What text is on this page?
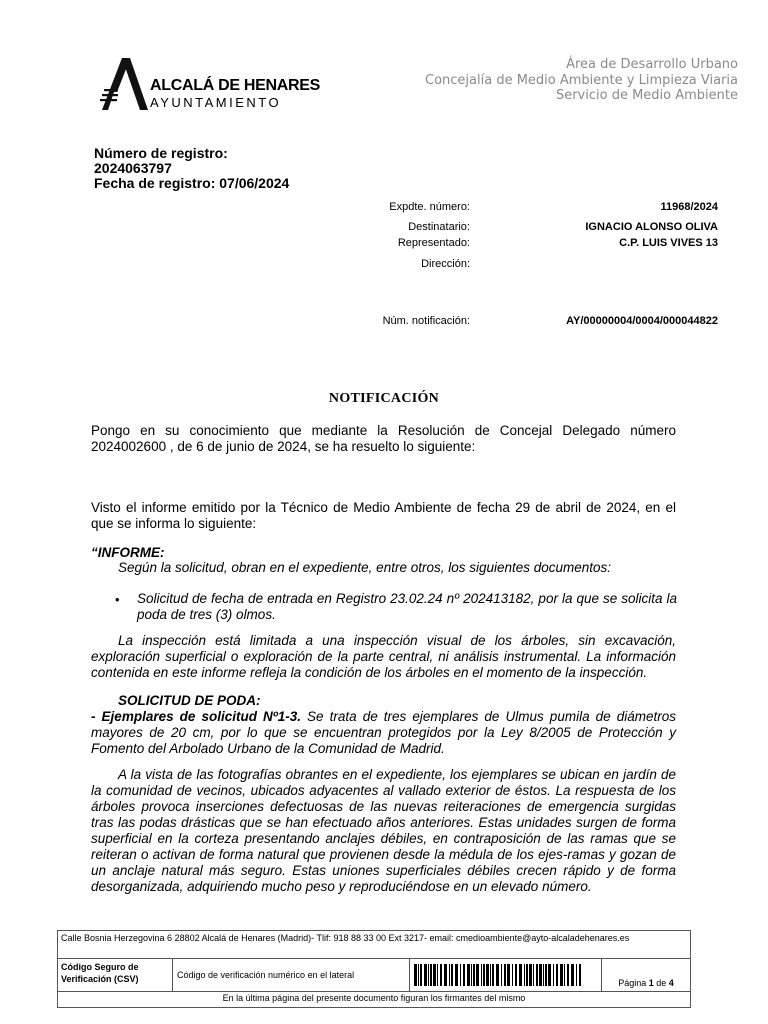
ALCALÁ DE HENARES
AYUNTAMIENTO
Área de Desarrollo Urbano
Concejalía de Medio Ambiente y Limpieza Viaria
Servicio de Medio Ambiente
Número de registro:
2024063797
Fecha de registro: 07/06/2024
Expdte. número:	11968/2024
Destinatario:	IGNACIO ALONSO OLIVA
Representado:	C.P. LUIS VIVES 13
Dirección:
Núm. notificación:	AY/00000004/0004/000044822
NOTIFICACIÓN
Pongo en su conocimiento que mediante la Resolución de Concejal Delegado número 2024002600 , de 6 de junio de 2024, se ha resuelto lo siguiente:
Visto el informe emitido por la Técnico de Medio Ambiente de fecha 29 de abril de 2024, en el que se informa lo siguiente:
“INFORME:
Según la solicitud, obran en el expediente, entre otros, los siguientes documentos:
• Solicitud de fecha de entrada en Registro 23.02.24 nº 202413182, por la que se solicita la poda de tres (3) olmos.
La inspección está limitada a una inspección visual de los árboles, sin excavación, exploración superficial o exploración de la parte central, ni análisis instrumental. La información contenida en este informe refleja la condición de los árboles en el momento de la inspección.
SOLICITUD DE PODA:
- Ejemplares de solicitud Nº1-3. Se trata de tres ejemplares de Ulmus pumila de diámetros mayores de 20 cm, por lo que se encuentran protegidos por la Ley 8/2005 de Protección y Fomento del Arbolado Urbano de la Comunidad de Madrid.
A la vista de las fotografías obrantes en el expediente, los ejemplares se ubican en jardín de la comunidad de vecinos, ubicados adyacentes al vallado exterior de éstos. La respuesta de los árboles provoca inserciones defectuosas de las nuevas reiteraciones de emergencia surgidas tras las podas drásticas que se han efectuado años anteriores. Estas unidades surgen de forma superficial en la corteza presentando anclajes débiles, en contraposición de las ramas que se reiteran o activan de forma natural que provienen desde la médula de los ejes-ramas y gozan de un anclaje natural más seguro. Estas uniones superficiales débiles crecen rápido y de forma desorganizada, adquiriendo mucho peso y reproduciéndose en un elevado número.
Calle Bosnia Herzegovina 6 28802 Alcalá de Henares (Madrid)- Tlif: 918 88 33 00 Ext 3217- email: cmedioambiente@ayto-alcaladehenares.es
Código Seguro de Verificación (CSV)	Código de verificación numérico en el lateral
Página 1 de 4
En la última página del presente documento figuran los firmantes del mismo
